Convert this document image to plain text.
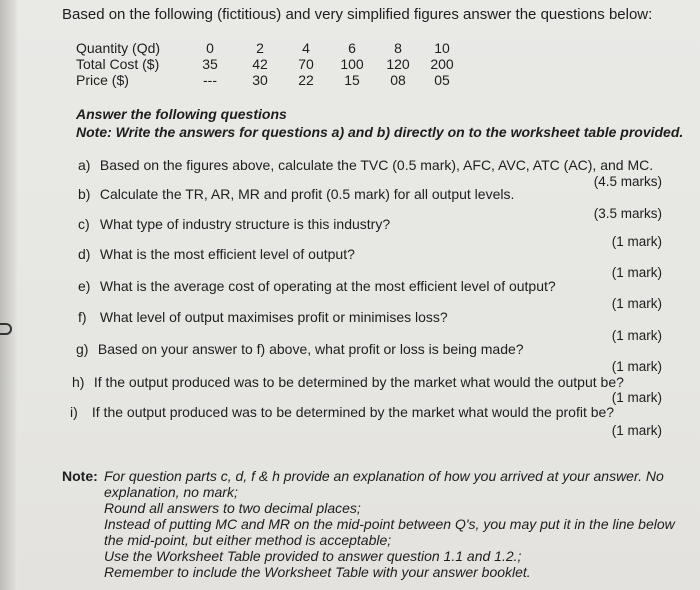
Based on the following (fictitious) and very simplified figures answer the questions below:
Quantity (Qd)	0	2	4	6	8	10
Total Cost ($)	35	42	70	100	120	200
Price ($)	---	30	22	15	08	05
Answer the following questions
Note: Write the answers for questions a) and b) directly on to the worksheet table provided.
a) Based on the figures above, calculate the TVC (0.5 mark), AFC, AVC, ATC (AC), and MC.
(4.5 marks)
b) Calculate the TR, AR, MR and profit (0.5 mark) for all output levels.
(3.5 marks)
c) What type of industry structure is this industry?
(1 mark)
d) What is the most efficient level of output?
(1 mark)
e) What is the average cost of operating at the most efficient level of output?
(1 mark)
f) What level of output maximises profit or minimises loss?
(1 mark)
g) Based on your answer to f) above, what profit or loss is being made?
(1 mark)
h) If the output produced was to be determined by the market what would the output be?
(1 mark)
i) If the output produced was to be determined by the market what would the profit be?
(1 mark)
Note: For question parts c, d, f & h provide an explanation of how you arrived at your answer. No
explanation, no mark;
Round all answers to two decimal places;
Instead of putting MC and MR on the mid-point between Q's, you may put it in the line below
the mid-point, but either method is acceptable;
Use the Worksheet Table provided to answer question 1.1 and 1.2.;
Remember to include the Worksheet Table with your answer booklet.
